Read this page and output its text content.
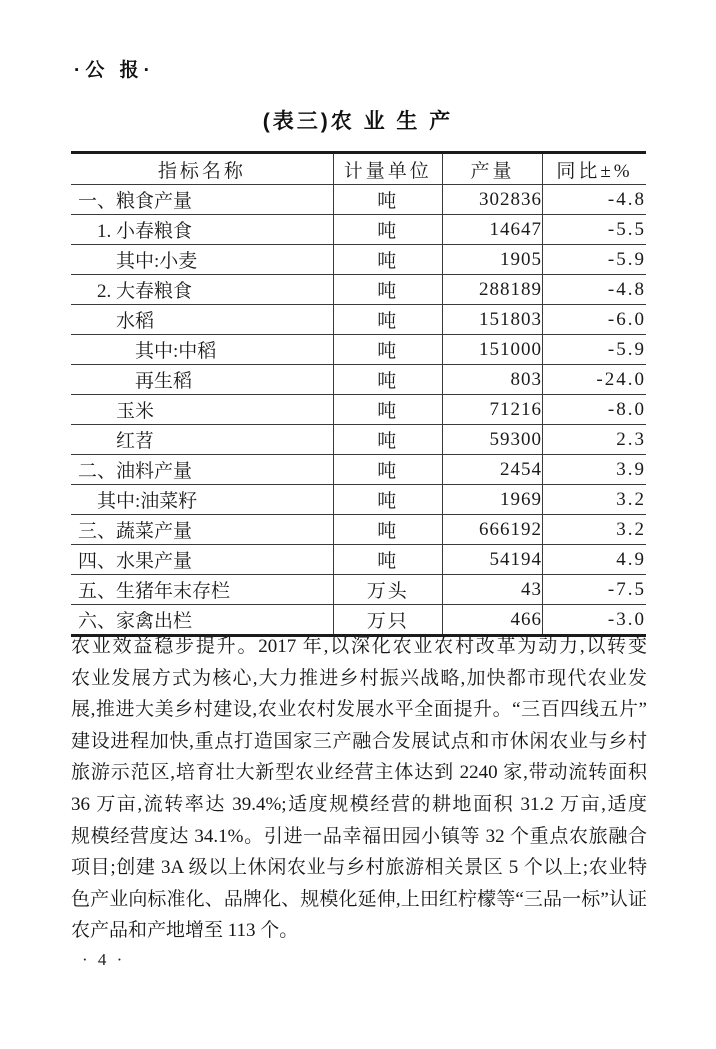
·公 报·
(表三)农 业 生 产
指标名称	计量单位	产量	同比±%
一、粮食产量	吨	302836	-4.8
1. 小春粮食	吨	14647	-5.5
其中:小麦	吨	1905	-5.9
2. 大春粮食	吨	288189	-4.8
水稻	吨	151803	-6.0
其中:中稻	吨	151000	-5.9
再生稻	吨	803	-24.0
玉米	吨	71216	-8.0
红苕	吨	59300	2.3
二、油料产量	吨	2454	3.9
其中:油菜籽	吨	1969	3.2
三、蔬菜产量	吨	666192	3.2
四、水果产量	吨	54194	4.9
五、生猪年末存栏	万头	43	-7.5
六、家禽出栏	万只	466	-3.0
农业效益稳步提升。2017 年,以深化农业农村改革为动力,以转变
农业发展方式为核心,大力推进乡村振兴战略,加快都市现代农业发
展,推进大美乡村建设,农业农村发展水平全面提升。“三百四线五片”
建设进程加快,重点打造国家三产融合发展试点和市休闲农业与乡村
旅游示范区,培育壮大新型农业经营主体达到 2240 家,带动流转面积
36 万亩,流转率达 39.4%;适度规模经营的耕地面积 31.2 万亩,适度
规模经营度达 34.1%。引进一品幸福田园小镇等 32 个重点农旅融合
项目;创建 3A 级以上休闲农业与乡村旅游相关景区 5 个以上;农业特
色产业向标准化、品牌化、规模化延伸,上田红柠檬等“三品一标”认证
农产品和产地增至 113 个。
· 4 ·
